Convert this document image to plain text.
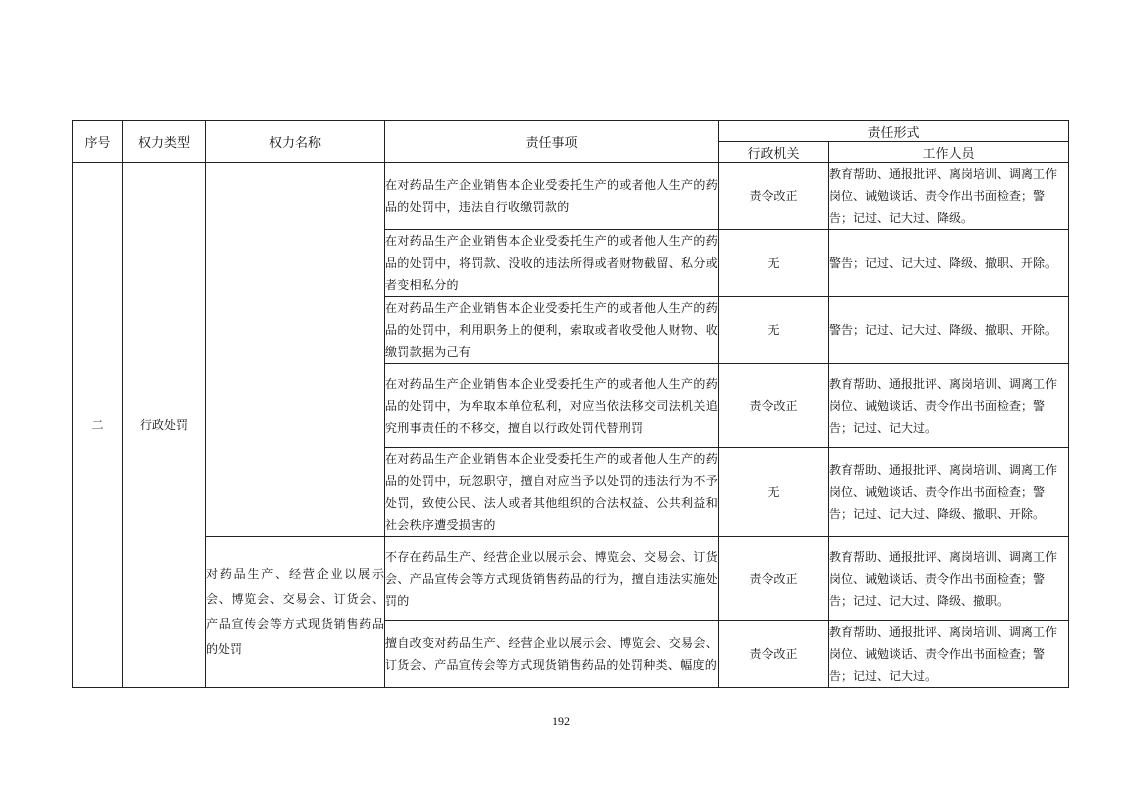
序号	权力类型	权力名称	责任事项	责任形式	
				行政机关	工作人员
二	行政处罚		在对药品生产企业销售本企业受委托生产的或者他人生产的药品的处罚中，违法自行收缴罚款的	责令改正	教育帮助、通报批评、离岗培训、调离工作岗位、诫勉谈话、责令作出书面检查；警告；记过、记大过、降级。
			在对药品生产企业销售本企业受委托生产的或者他人生产的药品的处罚中，将罚款、没收的违法所得或者财物截留、私分或者变相私分的	无	警告；记过、记大过、降级、撤职、开除。
			在对药品生产企业销售本企业受委托生产的或者他人生产的药品的处罚中，利用职务上的便利，索取或者收受他人财物、收缴罚款据为己有	无	警告；记过、记大过、降级、撤职、开除。
			在对药品生产企业销售本企业受委托生产的或者他人生产的药品的处罚中，为牟取本单位私利，对应当依法移交司法机关追究刑事责任的不移交，擅自以行政处罚代替刑罚	责令改正	教育帮助、通报批评、离岗培训、调离工作岗位、诫勉谈话、责令作出书面检查；警告；记过、记大过。
			在对药品生产企业销售本企业受委托生产的或者他人生产的药品的处罚中，玩忽职守，擅自对应当予以处罚的违法行为不予处罚，致使公民、法人或者其他组织的合法权益、公共利益和社会秩序遭受损害的	无	教育帮助、通报批评、离岗培训、调离工作岗位、诫勉谈话、责令作出书面检查；警告；记过、记大过、降级、撤职、开除。
		对药品生产、经营企业以展示会、博览会、交易会、订货会、产品宣传会等方式现货销售药品的处罚	不存在药品生产、经营企业以展示会、博览会、交易会、订货会、产品宣传会等方式现货销售药品的行为，擅自违法实施处罚的	责令改正	教育帮助、通报批评、离岗培训、调离工作岗位、诫勉谈话、责令作出书面检查；警告；记过、记大过、降级、撤职。
			擅自改变对药品生产、经营企业以展示会、博览会、交易会、订货会、产品宣传会等方式现货销售药品的处罚种类、幅度的	责令改正	教育帮助、通报批评、离岗培训、调离工作岗位、诫勉谈话、责令作出书面检查；警告；记过、记大过。
192
